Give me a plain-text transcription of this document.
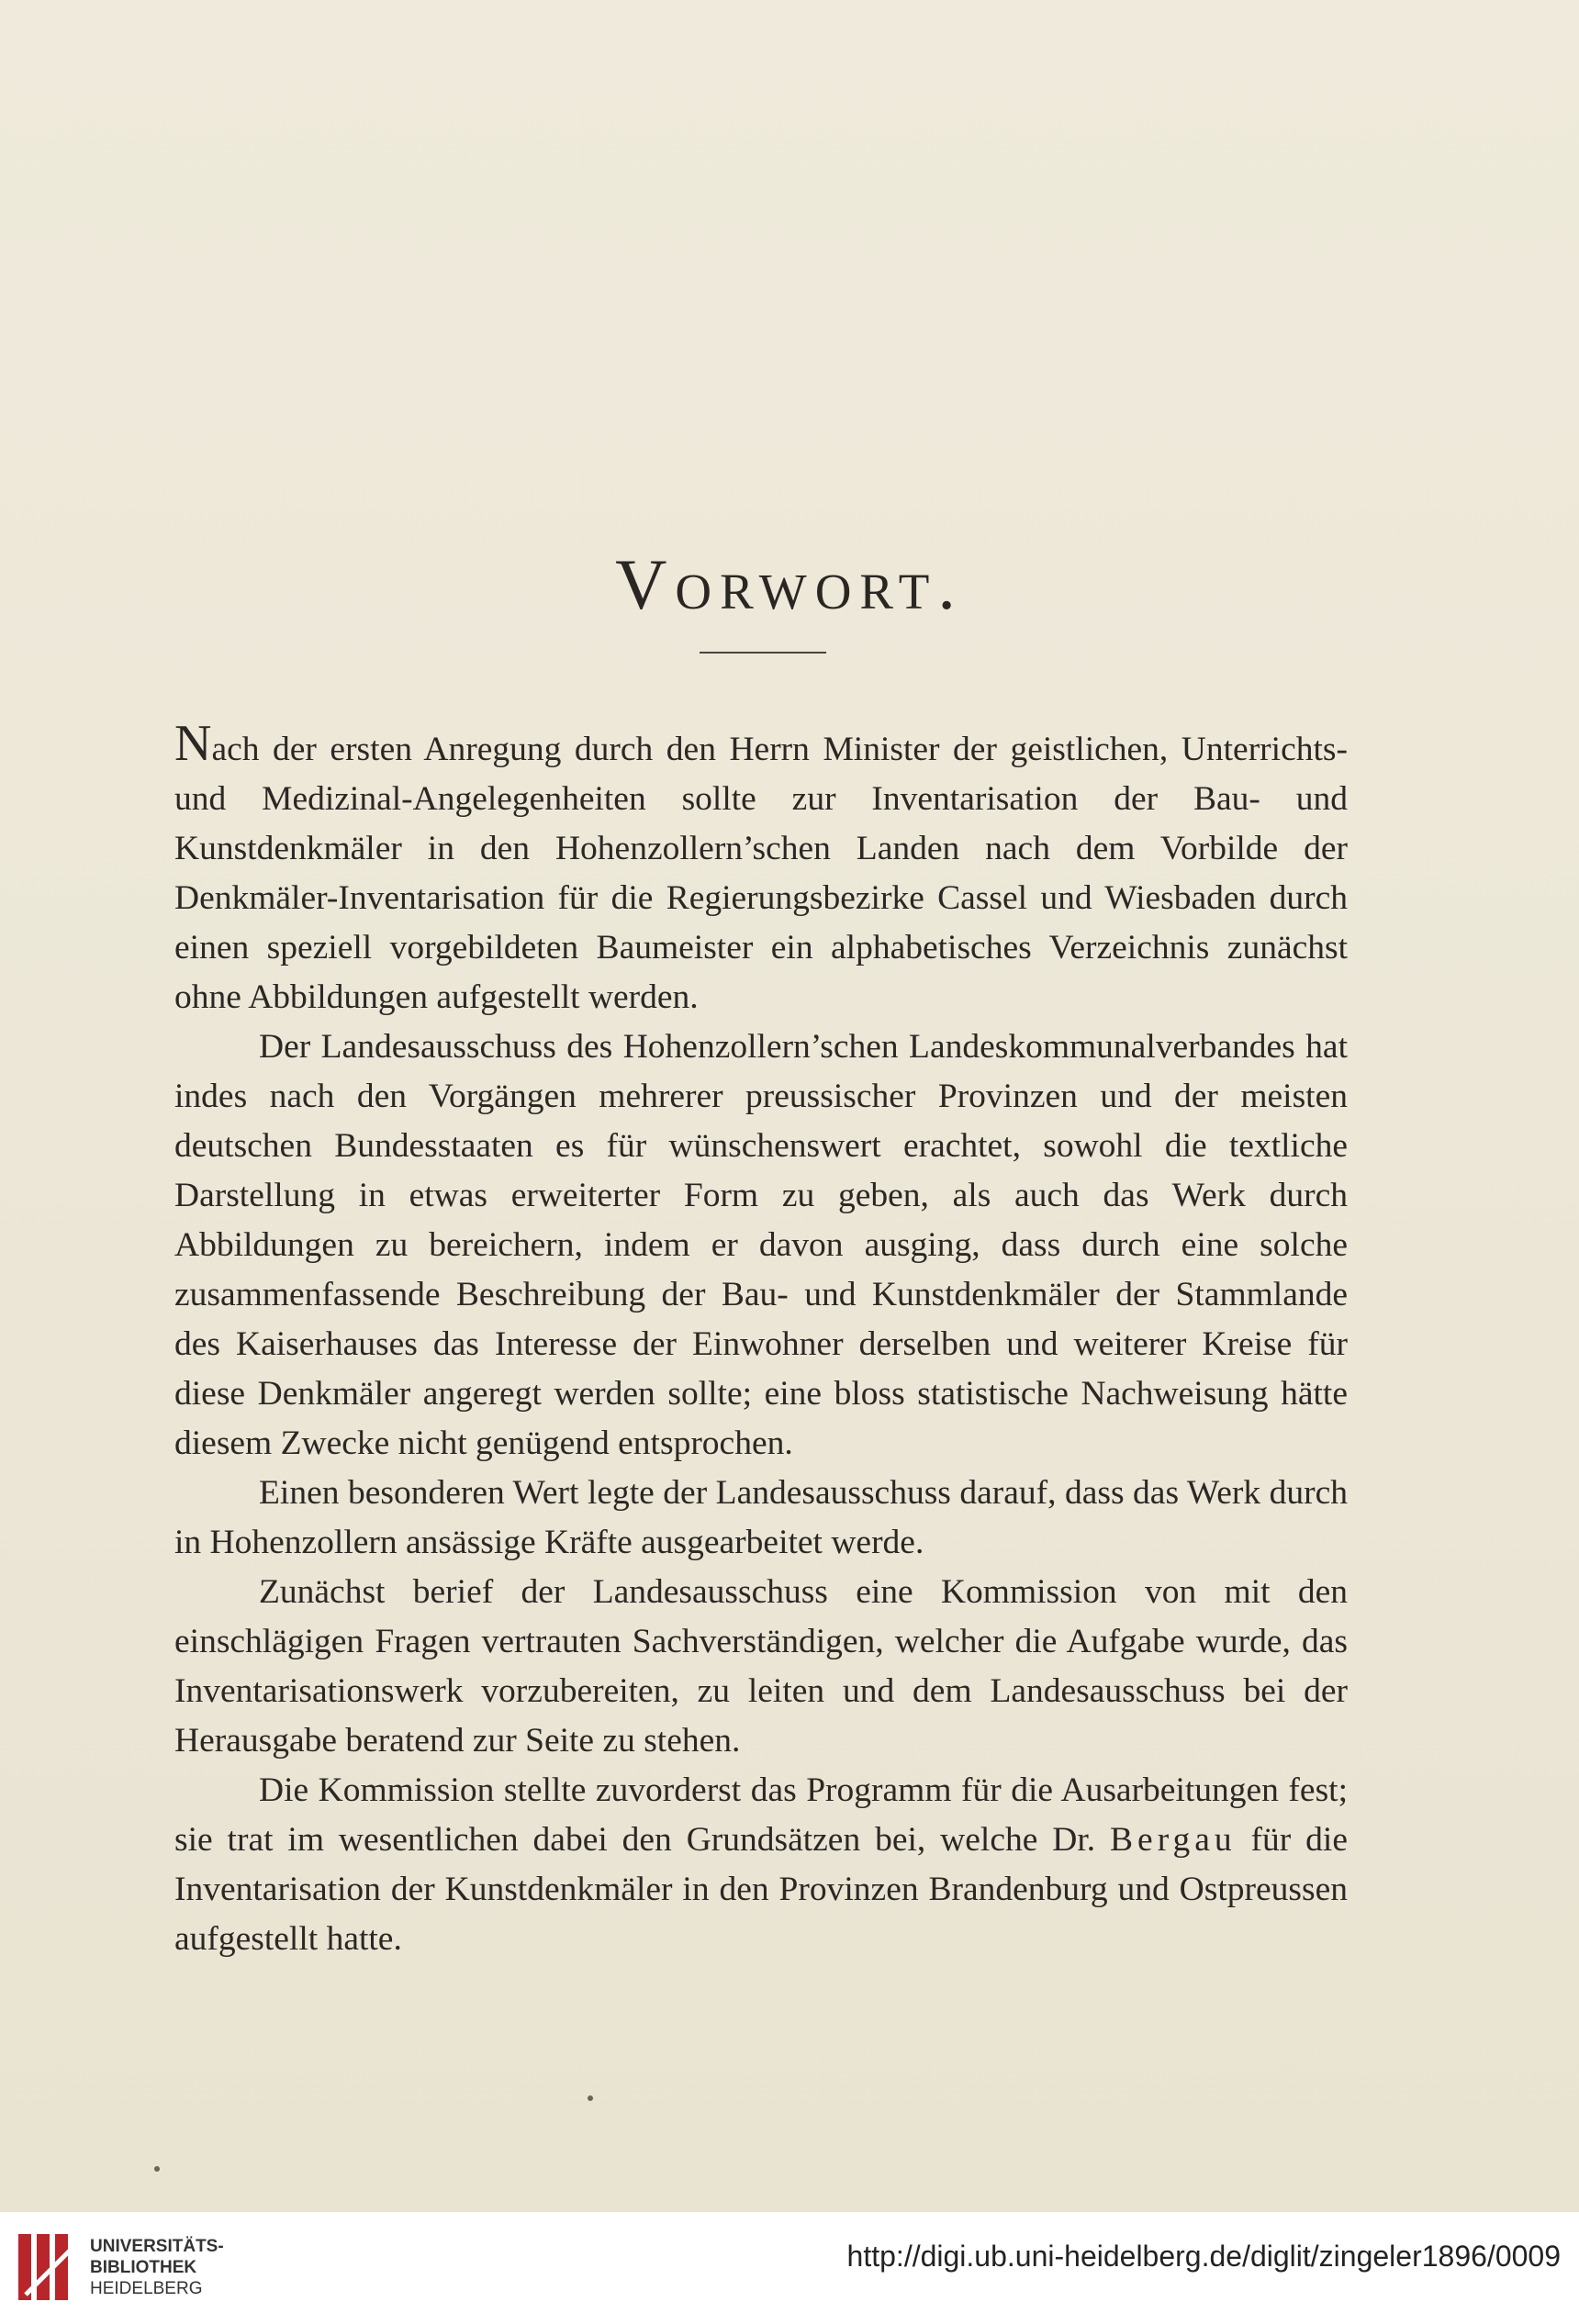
Vorwort.

Nach der ersten Anregung durch den Herrn Minister der geistlichen, Unterrichts- und Medizinal-Angelegenheiten sollte zur Inventarisation der Bau- und Kunstdenkmäler in den Hohenzollern’schen Landen nach dem Vorbilde der Denkmäler-Inventarisation für die Regierungsbezirke Cassel und Wiesbaden durch einen speziell vorgebildeten Baumeister ein alphabetisches Verzeichnis zunächst ohne Abbildungen aufgestellt werden.

Der Landesausschuss des Hohenzollern’schen Landeskommunalverbandes hat indes nach den Vorgängen mehrerer preussischer Provinzen und der meisten deutschen Bundesstaaten es für wünschenswert erachtet, sowohl die textliche Darstellung in etwas erweiterter Form zu geben, als auch das Werk durch Abbildungen zu bereichern, indem er davon ausging, dass durch eine solche zusammenfassende Beschreibung der Bau- und Kunstdenkmäler der Stammlande des Kaiserhauses das Interesse der Einwohner derselben und weiterer Kreise für diese Denkmäler angeregt werden sollte; eine bloss statistische Nachweisung hätte diesem Zwecke nicht genügend entsprochen.

Einen besonderen Wert legte der Landesausschuss darauf, dass das Werk durch in Hohenzollern ansässige Kräfte ausgearbeitet werde.

Zunächst berief der Landesausschuss eine Kommission von mit den einschlägigen Fragen vertrauten Sachverständigen, welcher die Aufgabe wurde, das Inventarisationswerk vorzubereiten, zu leiten und dem Landesausschuss bei der Herausgabe beratend zur Seite zu stehen.

Die Kommission stellte zuvorderst das Programm für die Ausarbeitungen fest; sie trat im wesentlichen dabei den Grundsätzen bei, welche Dr. Bergau für die Inventarisation der Kunstdenkmäler in den Provinzen Brandenburg und Ostpreussen aufgestellt hatte.

UNIVERSITÄTS-
BIBLIOTHEK
HEIDELBERG
http://digi.ub.uni-heidelberg.de/diglit/zingeler1896/0009
